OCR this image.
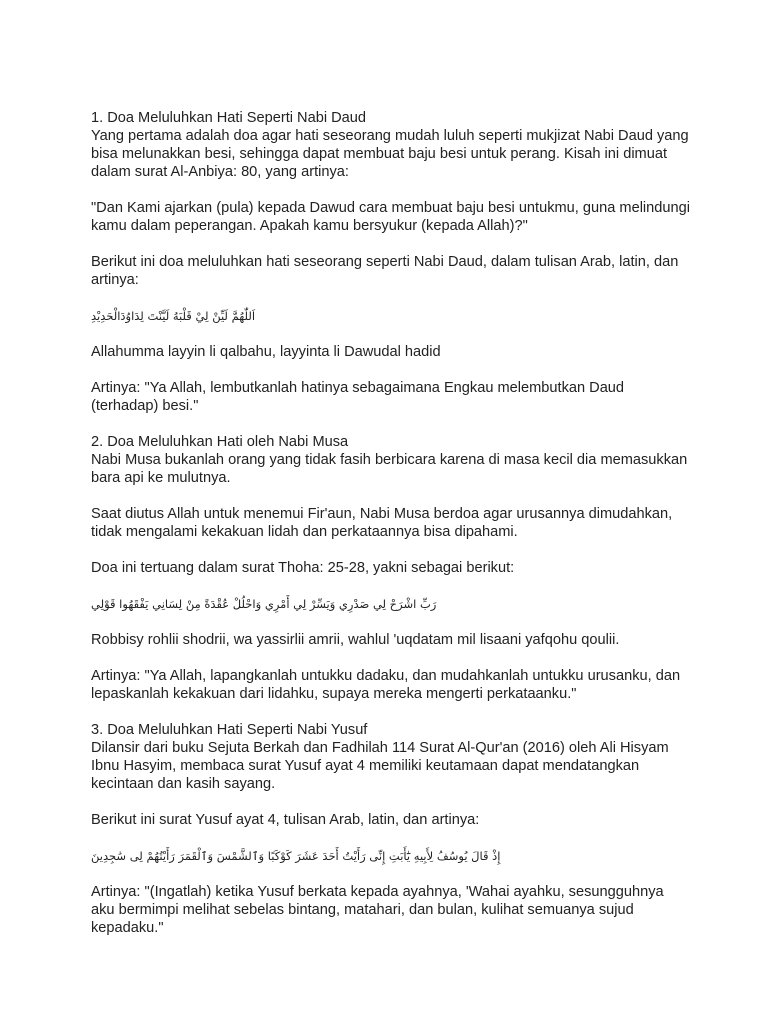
1. Doa Meluluhkan Hati Seperti Nabi Daud

Yang pertama adalah doa agar hati seseorang mudah luluh seperti mukjizat Nabi Daud yang bisa melunakkan besi, sehingga dapat membuat baju besi untuk perang. Kisah ini dimuat dalam surat Al-Anbiya: 80, yang artinya:

"Dan Kami ajarkan (pula) kepada Dawud cara membuat baju besi untukmu, guna melindungi kamu dalam peperangan. Apakah kamu bersyukur (kepada Allah)?"

Berikut ini doa meluluhkan hati seseorang seperti Nabi Daud, dalam tulisan Arab, latin, dan artinya:

اَللّٰهُمَّ لَيِّنْ لِيْ قَلْبَهُ لَيَّنْتَ لِدَاوُدَالْحَدِيْدِ

Allahumma layyin li qalbahu, layyinta li Dawudal hadid

Artinya: "Ya Allah, lembutkanlah hatinya sebagaimana Engkau melembutkan Daud (terhadap) besi."

2. Doa Meluluhkan Hati oleh Nabi Musa

Nabi Musa bukanlah orang yang tidak fasih berbicara karena di masa kecil dia memasukkan bara api ke mulutnya.

Saat diutus Allah untuk menemui Fir'aun, Nabi Musa berdoa agar urusannya dimudahkan, tidak mengalami kekakuan lidah dan perkataannya bisa dipahami.

Doa ini tertuang dalam surat Thoha: 25-28, yakni sebagai berikut:

رَبِّ اشْرَحْ لِي صَدْرِي وَيَسِّرْ لِي أَمْرِي وَاحْلُلْ عُقْدَةً مِنْ لِسَانِي يَفْقَهُوا قَوْلِي

Robbisy rohlii shodrii, wa yassirlii amrii, wahlul 'uqdatam mil lisaani yafqohu qoulii.

Artinya: "Ya Allah, lapangkanlah untukku dadaku, dan mudahkanlah untukku urusanku, dan lepaskanlah kekakuan dari lidahku, supaya mereka mengerti perkataanku."

3. Doa Meluluhkan Hati Seperti Nabi Yusuf

Dilansir dari buku Sejuta Berkah dan Fadhilah 114 Surat Al-Qur'an (2016) oleh Ali Hisyam Ibnu Hasyim, membaca surat Yusuf ayat 4 memiliki keutamaan dapat mendatangkan kecintaan dan kasih sayang.

Berikut ini surat Yusuf ayat 4, tulisan Arab, latin, dan artinya:

إِذْ قَالَ يُوسُفُ لِأَبِيهِ يَٰٓأَبَتِ إِنِّى رَأَيْتُ أَحَدَ عَشَرَ كَوْكَبًا وَٱلشَّمْسَ وَٱلْقَمَرَ رَأَيْتُهُمْ لِى سَٰجِدِينَ

Artinya: "(Ingatlah) ketika Yusuf berkata kepada ayahnya, 'Wahai ayahku, sesungguhnya aku bermimpi melihat sebelas bintang, matahari, dan bulan, kulihat semuanya sujud kepadaku."
